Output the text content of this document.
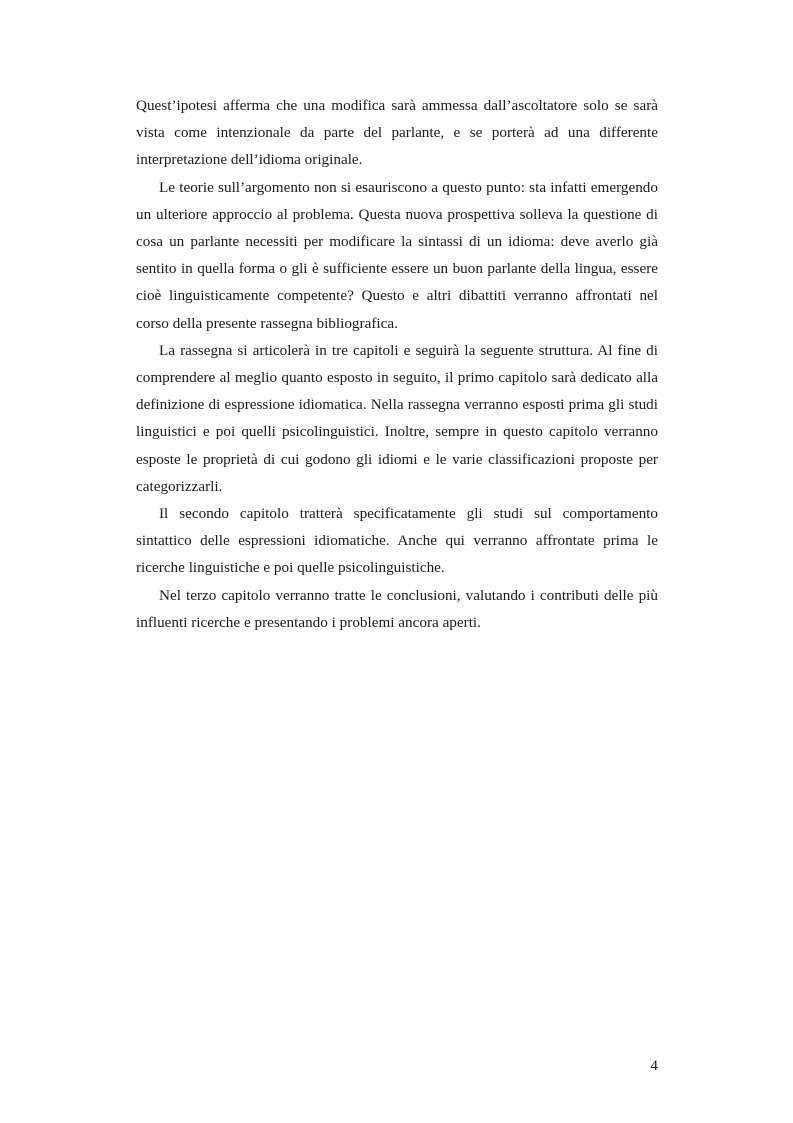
Quest’ipotesi afferma che una modifica sarà ammessa dall’ascoltatore solo se sarà vista come intenzionale da parte del parlante, e se porterà ad una differente interpretazione dell’idioma originale.

Le teorie sull’argomento non si esauriscono a questo punto: sta infatti emergendo un ulteriore approccio al problema. Questa nuova prospettiva solleva la questione di cosa un parlante necessiti per modificare la sintassi di un idioma: deve averlo già sentito in quella forma o gli è sufficiente essere un buon parlante della lingua, essere cioè linguisticamente competente? Questo e altri dibattiti verranno affrontati nel corso della presente rassegna bibliografica.

La rassegna si articolerà in tre capitoli e seguirà la seguente struttura. Al fine di comprendere al meglio quanto esposto in seguito, il primo capitolo sarà dedicato alla definizione di espressione idiomatica. Nella rassegna verranno esposti prima gli studi linguistici e poi quelli psicolinguistici. Inoltre, sempre in questo capitolo verranno esposte le proprietà di cui godono gli idiomi e le varie classificazioni proposte per categorizzarli.

Il secondo capitolo tratterà specificatamente gli studi sul comportamento sintattico delle espressioni idiomatiche. Anche qui verranno affrontate prima le ricerche linguistiche e poi quelle psicolinguistiche.

Nel terzo capitolo verranno tratte le conclusioni, valutando i contributi delle più influenti ricerche e presentando i problemi ancora aperti.

4
